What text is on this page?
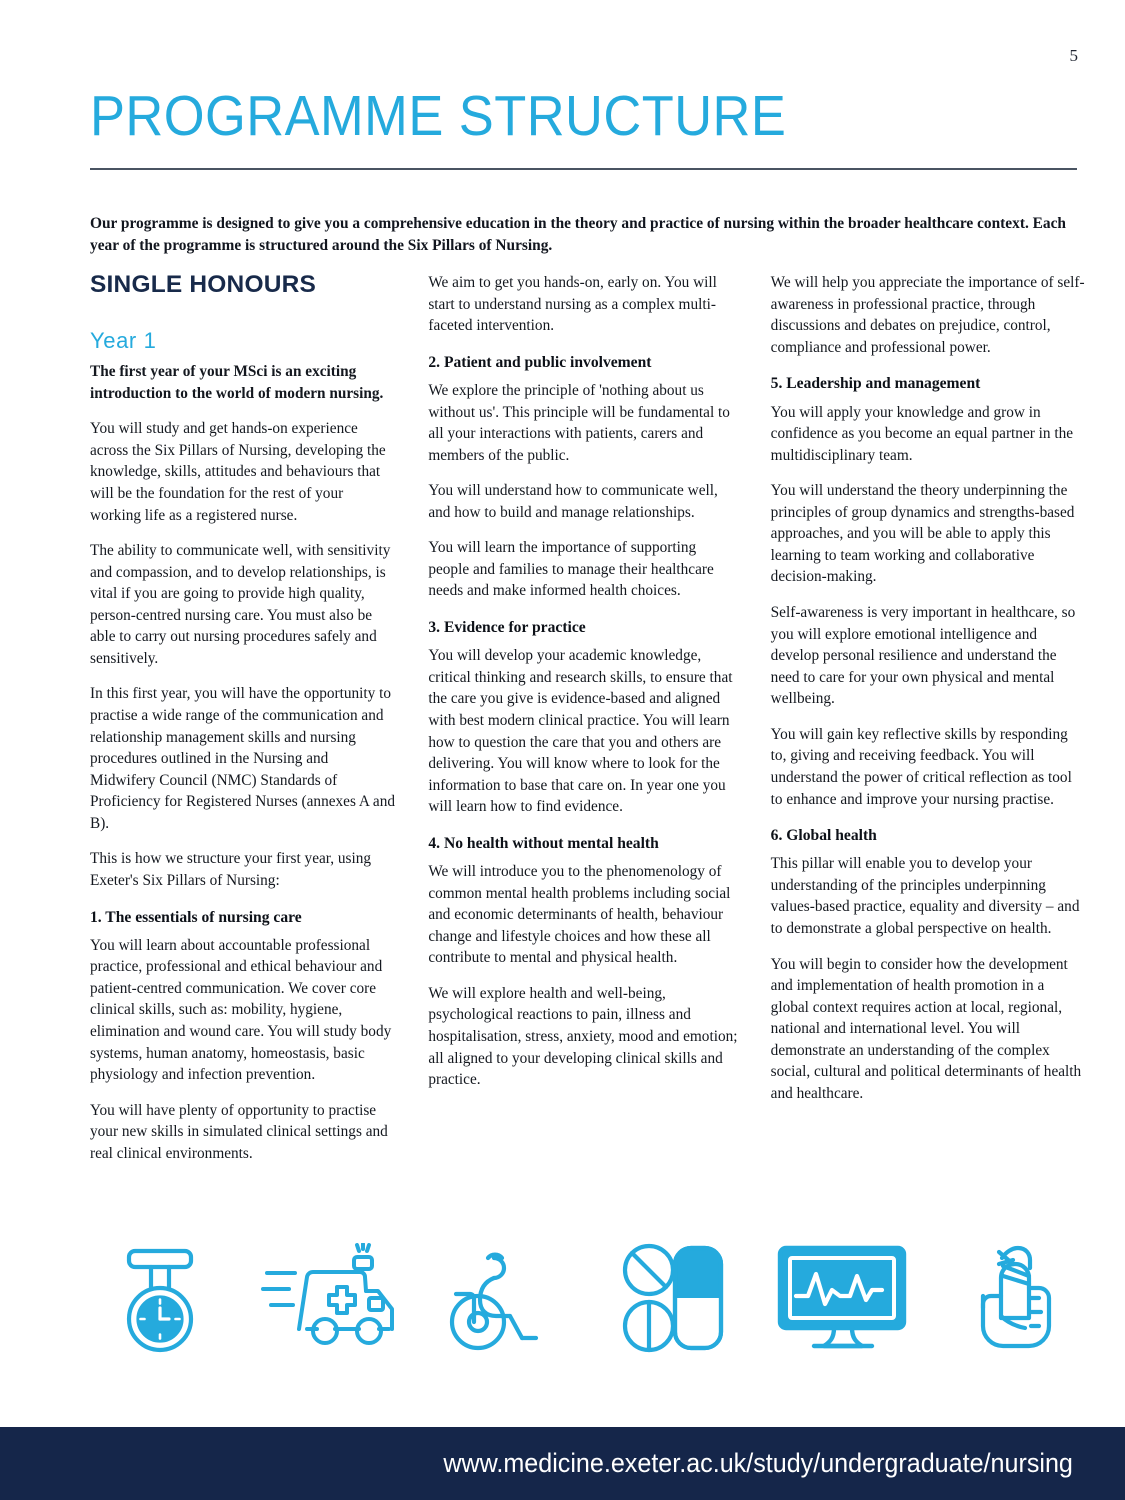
5
PROGRAMME STRUCTURE
Our programme is designed to give you a comprehensive education in the theory and practice of nursing within the broader healthcare context. Each year of the programme is structured around the Six Pillars of Nursing.
SINGLE HONOURS
Year 1

The first year of your MSci is an exciting introduction to the world of modern nursing.

You will study and get hands-on experience across the Six Pillars of Nursing, developing the knowledge, skills, attitudes and behaviours that will be the foundation for the rest of your working life as a registered nurse.

The ability to communicate well, with sensitivity and compassion, and to develop relationships, is vital if you are going to provide high quality, person-centred nursing care. You must also be able to carry out nursing procedures safely and sensitively.

In this first year, you will have the opportunity to practise a wide range of the communication and relationship management skills and nursing procedures outlined in the Nursing and Midwifery Council (NMC) Standards of Proficiency for Registered Nurses (annexes A and B).

This is how we structure your first year, using Exeter's Six Pillars of Nursing:

1. The essentials of nursing care

You will learn about accountable professional practice, professional and ethical behaviour and patient-centred communication. We cover core clinical skills, such as: mobility, hygiene, elimination and wound care. You will study body systems, human anatomy, homeostasis, basic physiology and infection prevention.

You will have plenty of opportunity to practise your new skills in simulated clinical settings and real clinical environments.

We aim to get you hands-on, early on. You will start to understand nursing as a complex multi-faceted intervention.

2. Patient and public involvement

We explore the principle of 'nothing about us without us'. This principle will be fundamental to all your interactions with patients, carers and members of the public.

You will understand how to communicate well, and how to build and manage relationships.

You will learn the importance of supporting people and families to manage their healthcare needs and make informed health choices.

3. Evidence for practice

You will develop your academic knowledge, critical thinking and research skills, to ensure that the care you give is evidence-based and aligned with best modern clinical practice. You will learn how to question the care that you and others are delivering. You will know where to look for the information to base that care on. In year one you will learn how to find evidence.

4. No health without mental health

We will introduce you to the phenomenology of common mental health problems including social and economic determinants of health, behaviour change and lifestyle choices and how these all contribute to mental and physical health.

We will explore health and well-being, psychological reactions to pain, illness and hospitalisation, stress, anxiety, mood and emotion; all aligned to your developing clinical skills and practice.

We will help you appreciate the importance of self-awareness in professional practice, through discussions and debates on prejudice, control, compliance and professional power.

5. Leadership and management

You will apply your knowledge and grow in confidence as you become an equal partner in the multidisciplinary team.

You will understand the theory underpinning the principles of group dynamics and strengths-based approaches, and you will be able to apply this learning to team working and collaborative decision-making.

Self-awareness is very important in healthcare, so you will explore emotional intelligence and develop personal resilience and understand the need to care for your own physical and mental wellbeing.

You will gain key reflective skills by responding to, giving and receiving feedback. You will understand the power of critical reflection as tool to enhance and improve your nursing practise.

6. Global health

This pillar will enable you to develop your understanding of the principles underpinning values-based practice, equality and diversity – and to demonstrate a global perspective on health.

You will begin to consider how the development and implementation of health promotion in a global context requires action at local, regional, national and international level. You will demonstrate an understanding of the complex social, cultural and political determinants of health and healthcare.

www.medicine.exeter.ac.uk/study/undergraduate/nursing
